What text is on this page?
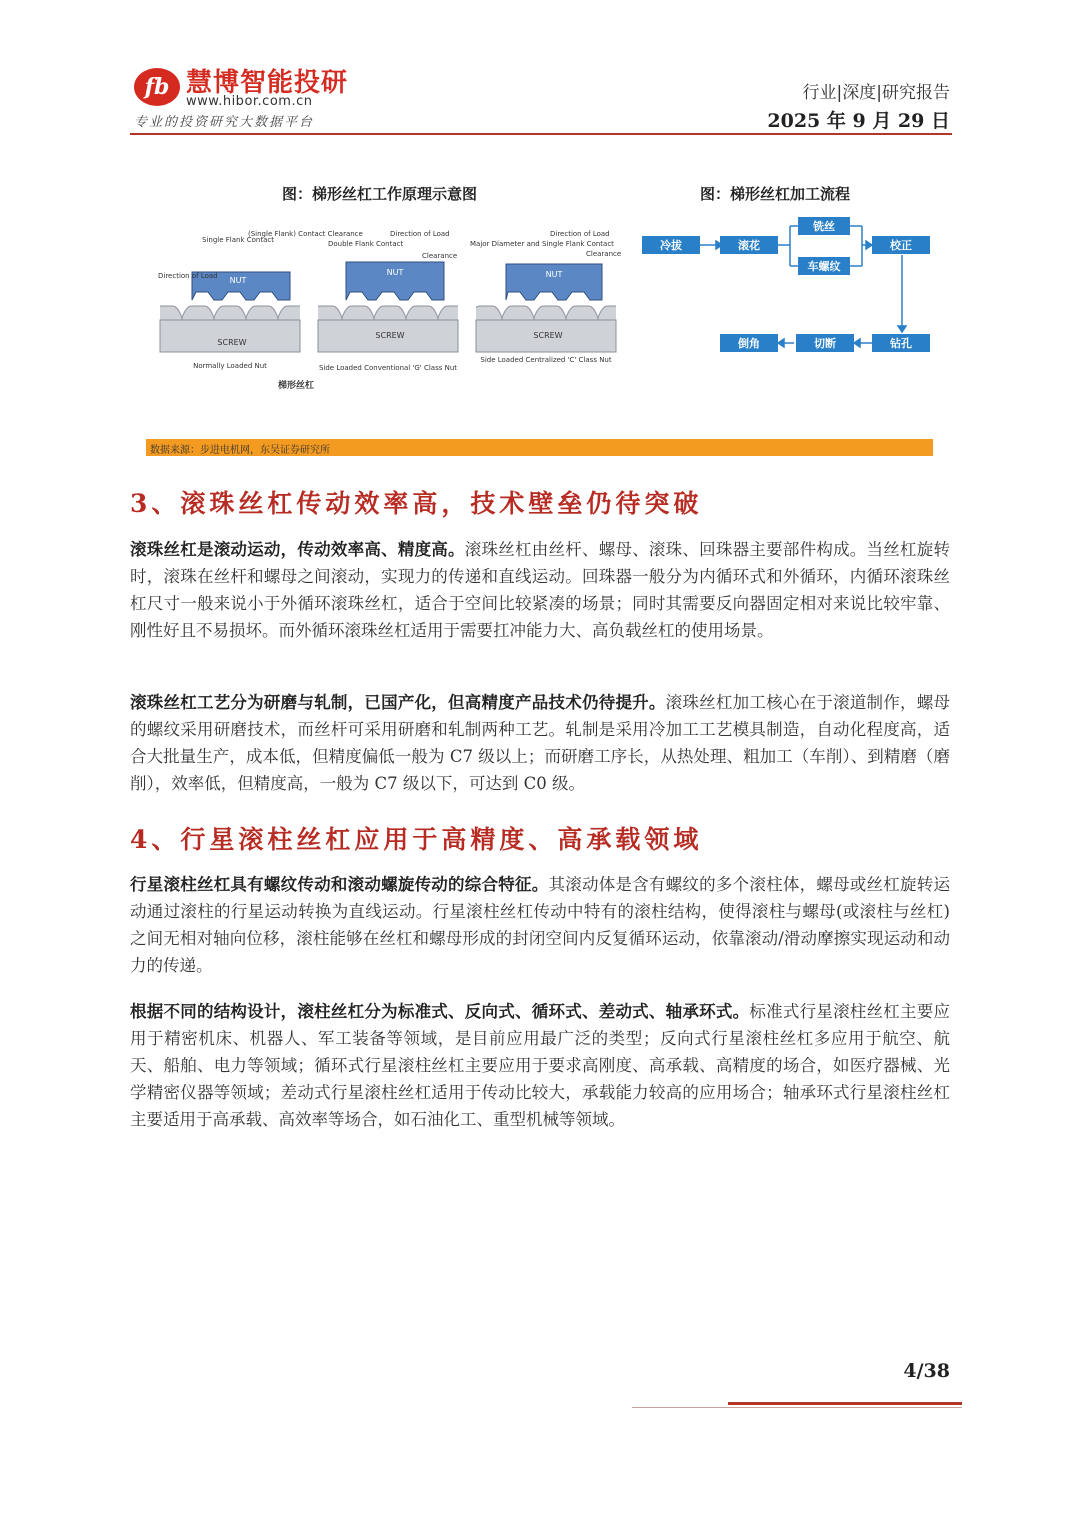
fb 慧博智能投研
www.hibor.com.cn
专业的投资研究大数据平台
行业|深度|研究报告
2025 年 9 月 29 日
图：梯形丝杠工作原理示意图
NUT
SCREW
Single Flank Contact
(Single Flank) Contact Clearance
Direction of Load
Normally Loaded Nut
NUT
SCREW
Double Flank Contact
Direction of Load
Clearance
Side Loaded Conventional 'G' Class Nut
NUT
SCREW
Major Diameter and Single Flank Contact
Direction of Load
Clearance
Side Loaded Centralized 'C' Class Nut
梯形丝杠
图：梯形丝杠加工流程
冷拔	滚花
铣丝
车螺纹
校正
钻孔
切断
倒角
数据来源：步进电机网，东吴证券研究所
3、滚珠丝杠传动效率高，技术壁垒仍待突破

滚珠丝杠是滚动运动，传动效率高、精度高。滚珠丝杠由丝杆、螺母、滚珠、回珠器主要部件构成。当丝杠旋转时，滚珠在丝杆和螺母之间滚动，实现力的传递和直线运动。回珠器一般分为内循环式和外循环，内循环滚珠丝杠尺寸一般来说小于外循环滚珠丝杠，适合于空间比较紧凑的场景；同时其需要反向器固定相对来说比较牢靠、刚性好且不易损坏。而外循环滚珠丝杠适用于需要扛冲能力大、高负载丝杠的使用场景。

滚珠丝杠工艺分为研磨与轧制，已国产化，但高精度产品技术仍待提升。滚珠丝杠加工核心在于滚道制作，螺母的螺纹采用研磨技术，而丝杆可采用研磨和轧制两种工艺。轧制是采用冷加工工艺模具制造，自动化程度高，适合大批量生产，成本低，但精度偏低一般为 C7 级以上；而研磨工序长，从热处理、粗加工（车削）、到精磨（磨削），效率低，但精度高，一般为 C7 级以下，可达到 C0 级。

4、行星滚柱丝杠应用于高精度、高承载领域

行星滚柱丝杠具有螺纹传动和滚动螺旋传动的综合特征。其滚动体是含有螺纹的多个滚柱体，螺母或丝杠旋转运动通过滚柱的行星运动转换为直线运动。行星滚柱丝杠传动中特有的滚柱结构，使得滚柱与螺母(或滚柱与丝杠)之间无相对轴向位移，滚柱能够在丝杠和螺母形成的封闭空间内反复循环运动，依靠滚动/滑动摩擦实现运动和动力的传递。

根据不同的结构设计，滚柱丝杠分为标准式、反向式、循环式、差动式、轴承环式。标准式行星滚柱丝杠主要应用于精密机床、机器人、军工装备等领域，是目前应用最广泛的类型；反向式行星滚柱丝杠多应用于航空、航天、船舶、电力等领域；循环式行星滚柱丝杠主要应用于要求高刚度、高承载、高精度的场合，如医疗器械、光学精密仪器等领域；差动式行星滚柱丝杠适用于传动比较大，承载能力较高的应用场合；轴承环式行星滚柱丝杠主要适用于高承载、高效率等场合，如石油化工、重型机械等领域。

4/38
